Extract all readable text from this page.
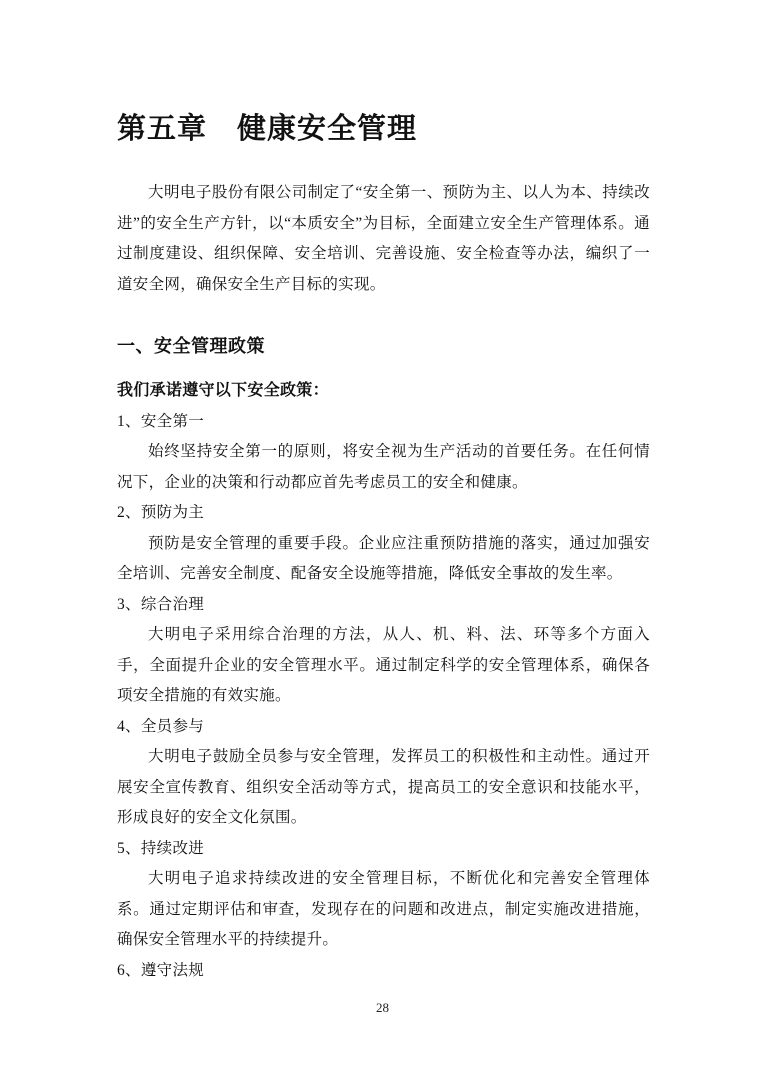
第五章　健康安全管理

大明电子股份有限公司制定了“安全第一、预防为主、以人为本、持续改进”的安全生产方针，以“本质安全”为目标，全面建立安全生产管理体系。通过制度建设、组织保障、安全培训、完善设施、安全检查等办法，编织了一道安全网，确保安全生产目标的实现。

一、安全管理政策

我们承诺遵守以下安全政策：

1、安全第一

始终坚持安全第一的原则，将安全视为生产活动的首要任务。在任何情况下，企业的决策和行动都应首先考虑员工的安全和健康。

2、预防为主

预防是安全管理的重要手段。企业应注重预防措施的落实，通过加强安全培训、完善安全制度、配备安全设施等措施，降低安全事故的发生率。

3、综合治理

大明电子采用综合治理的方法，从人、机、料、法、环等多个方面入手，全面提升企业的安全管理水平。通过制定科学的安全管理体系，确保各项安全措施的有效实施。

4、全员参与

大明电子鼓励全员参与安全管理，发挥员工的积极性和主动性。通过开展安全宣传教育、组织安全活动等方式，提高员工的安全意识和技能水平，形成良好的安全文化氛围。

5、持续改进

大明电子追求持续改进的安全管理目标，不断优化和完善安全管理体系。通过定期评估和审查，发现存在的问题和改进点，制定实施改进措施，确保安全管理水平的持续提升。

6、遵守法规

28
